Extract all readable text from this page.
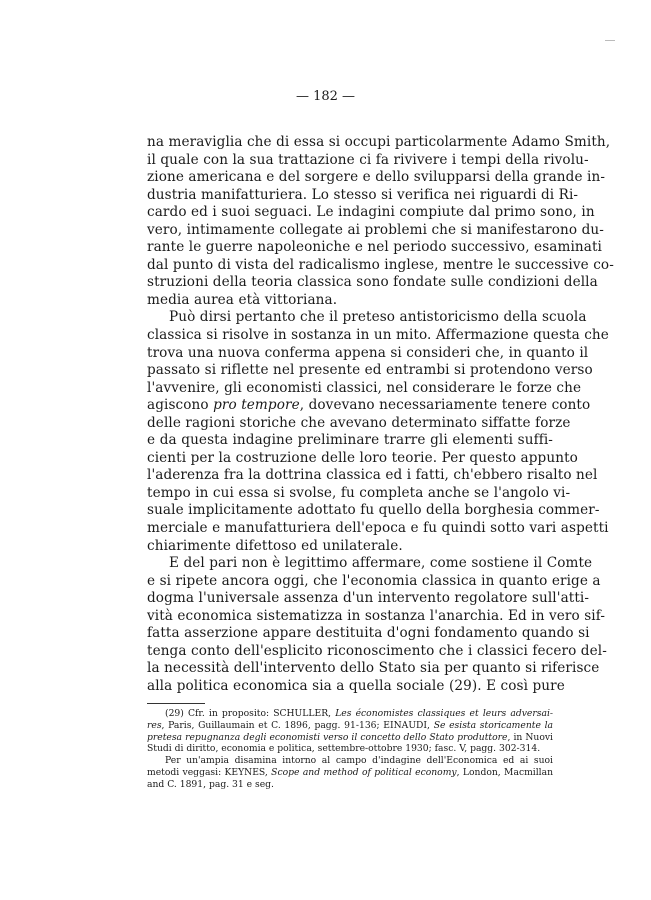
— 182 —
na meraviglia che di essa si occupi particolarmente Adamo Smith,
il quale con la sua trattazione ci fa rivivere i tempi della rivolu-
zione americana e del sorgere e dello svilupparsi della grande in-
dustria manifatturiera. Lo stesso si verifica nei riguardi di Ri-
cardo ed i suoi seguaci. Le indagini compiute dal primo sono, in
vero, intimamente collegate ai problemi che si manifestarono du-
rante le guerre napoleoniche e nel periodo successivo, esaminati
dal punto di vista del radicalismo inglese, mentre le successive co-
struzioni della teoria classica sono fondate sulle condizioni della
media aurea età vittoriana.
Può dirsi pertanto che il preteso antistoricismo della scuola
classica si risolve in sostanza in un mito. Affermazione questa che
trova una nuova conferma appena si consideri che, in quanto il
passato si riflette nel presente ed entrambi si protendono verso
l'avvenire, gli economisti classici, nel considerare le forze che
agiscono pro tempore, dovevano necessariamente tenere conto
delle ragioni storiche che avevano determinato siffatte forze
e da questa indagine preliminare trarre gli elementi suffi-
cienti per la costruzione delle loro teorie. Per questo appunto
l'aderenza fra la dottrina classica ed i fatti, ch'ebbero risalto nel
tempo in cui essa si svolse, fu completa anche se l'angolo vi-
suale implicitamente adottato fu quello della borghesia commer-
merciale e manufatturiera dell'epoca e fu quindi sotto vari aspetti
chiarimente difettoso ed unilaterale.
E del pari non è legittimo affermare, come sostiene il Comte
e si ripete ancora oggi, che l'economia classica in quanto erige a
dogma l'universale assenza d'un intervento regolatore sull'atti-
vità economica sistematizza in sostanza l'anarchia. Ed in vero sif-
fatta asserzione appare destituita d'ogni fondamento quando si
tenga conto dell'esplicito riconoscimento che i classici fecero del-
la necessità dell'intervento dello Stato sia per quanto si riferisce
alla politica economica sia a quella sociale (29). E così pure
(29) Cfr. in proposito: SCHULLER, Les économistes classiques et leurs adversai-
res, Paris, Guillaumain et C. 1896, pagg. 91-136; EINAUDI, Se esista storicamente la
pretesa repugnanza degli economisti verso il concetto dello Stato produttore, in Nuovi
Studi di diritto, economia e politica, settembre-ottobre 1930; fasc. V, pagg. 302-314.
Per un'ampia disamina intorno al campo d'indagine dell'Economica ed ai suoi
metodi veggasi: KEYNES, Scope and method of political economy, London, Macmillan
and C. 1891, pag. 31 e seg.
